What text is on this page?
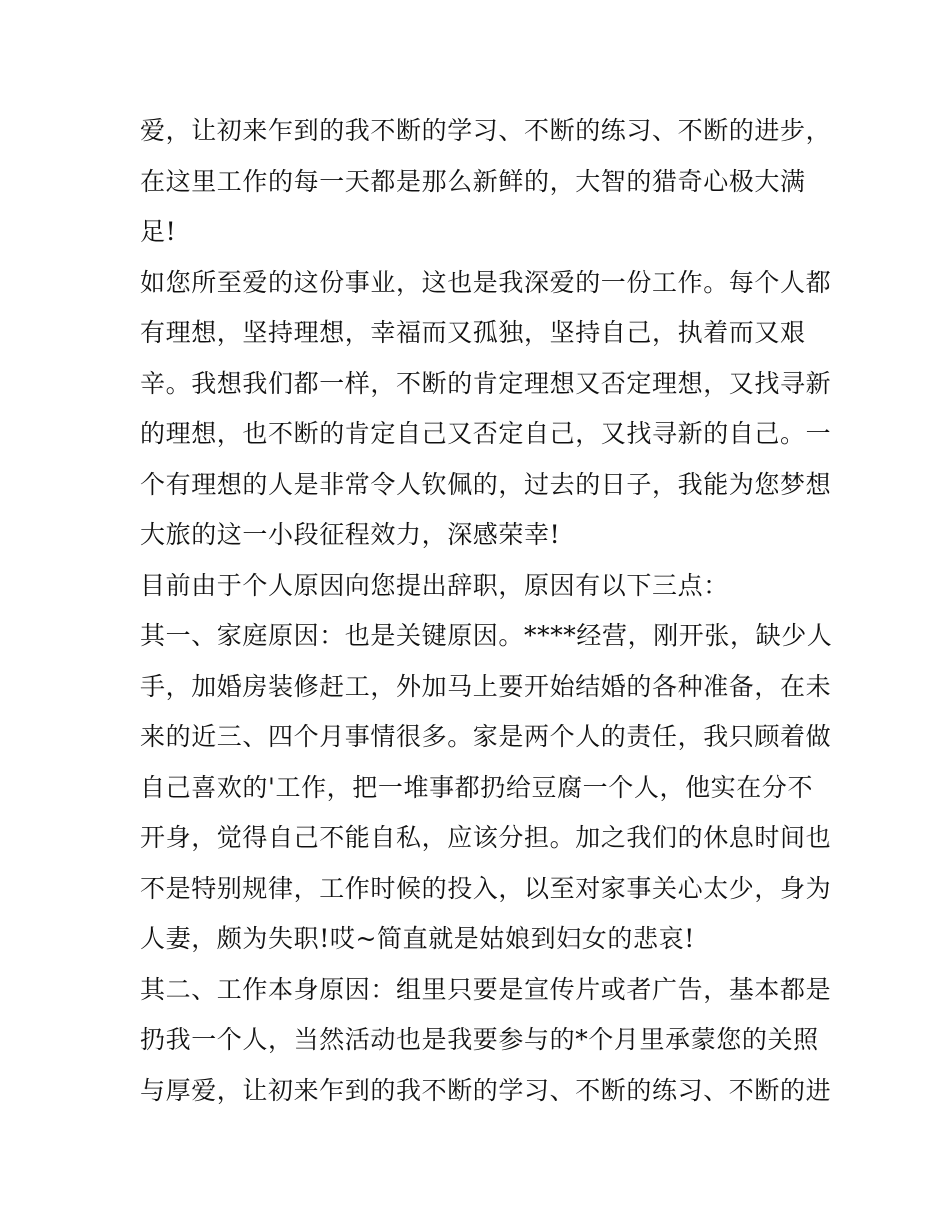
爱，让初来乍到的我不断的学习、不断的练习、不断的进步，
在这里工作的每一天都是那么新鲜的，大智的猎奇心极大满
足!
如您所至爱的这份事业，这也是我深爱的一份工作。每个人都
有理想，坚持理想，幸福而又孤独，坚持自己，执着而又艰
辛。我想我们都一样，不断的肯定理想又否定理想，又找寻新
的理想，也不断的肯定自己又否定自己，又找寻新的自己。一
个有理想的人是非常令人钦佩的，过去的日子，我能为您梦想
大旅的这一小段征程效力，深感荣幸!
目前由于个人原因向您提出辞职，原因有以下三点：
其一、家庭原因：也是关键原因。****经营，刚开张，缺少人
手，加婚房装修赶工，外加马上要开始结婚的各种准备，在未
来的近三、四个月事情很多。家是两个人的责任，我只顾着做
自己喜欢的'工作，把一堆事都扔给豆腐一个人，他实在分不
开身，觉得自己不能自私，应该分担。加之我们的休息时间也
不是特别规律，工作时候的投入，以至对家事关心太少，身为
人妻，颇为失职!哎~简直就是姑娘到妇女的悲哀!
其二、工作本身原因：组里只要是宣传片或者广告，基本都是
扔我一个人，当然活动也是我要参与的*个月里承蒙您的关照
与厚爱，让初来乍到的我不断的学习、不断的练习、不断的进
